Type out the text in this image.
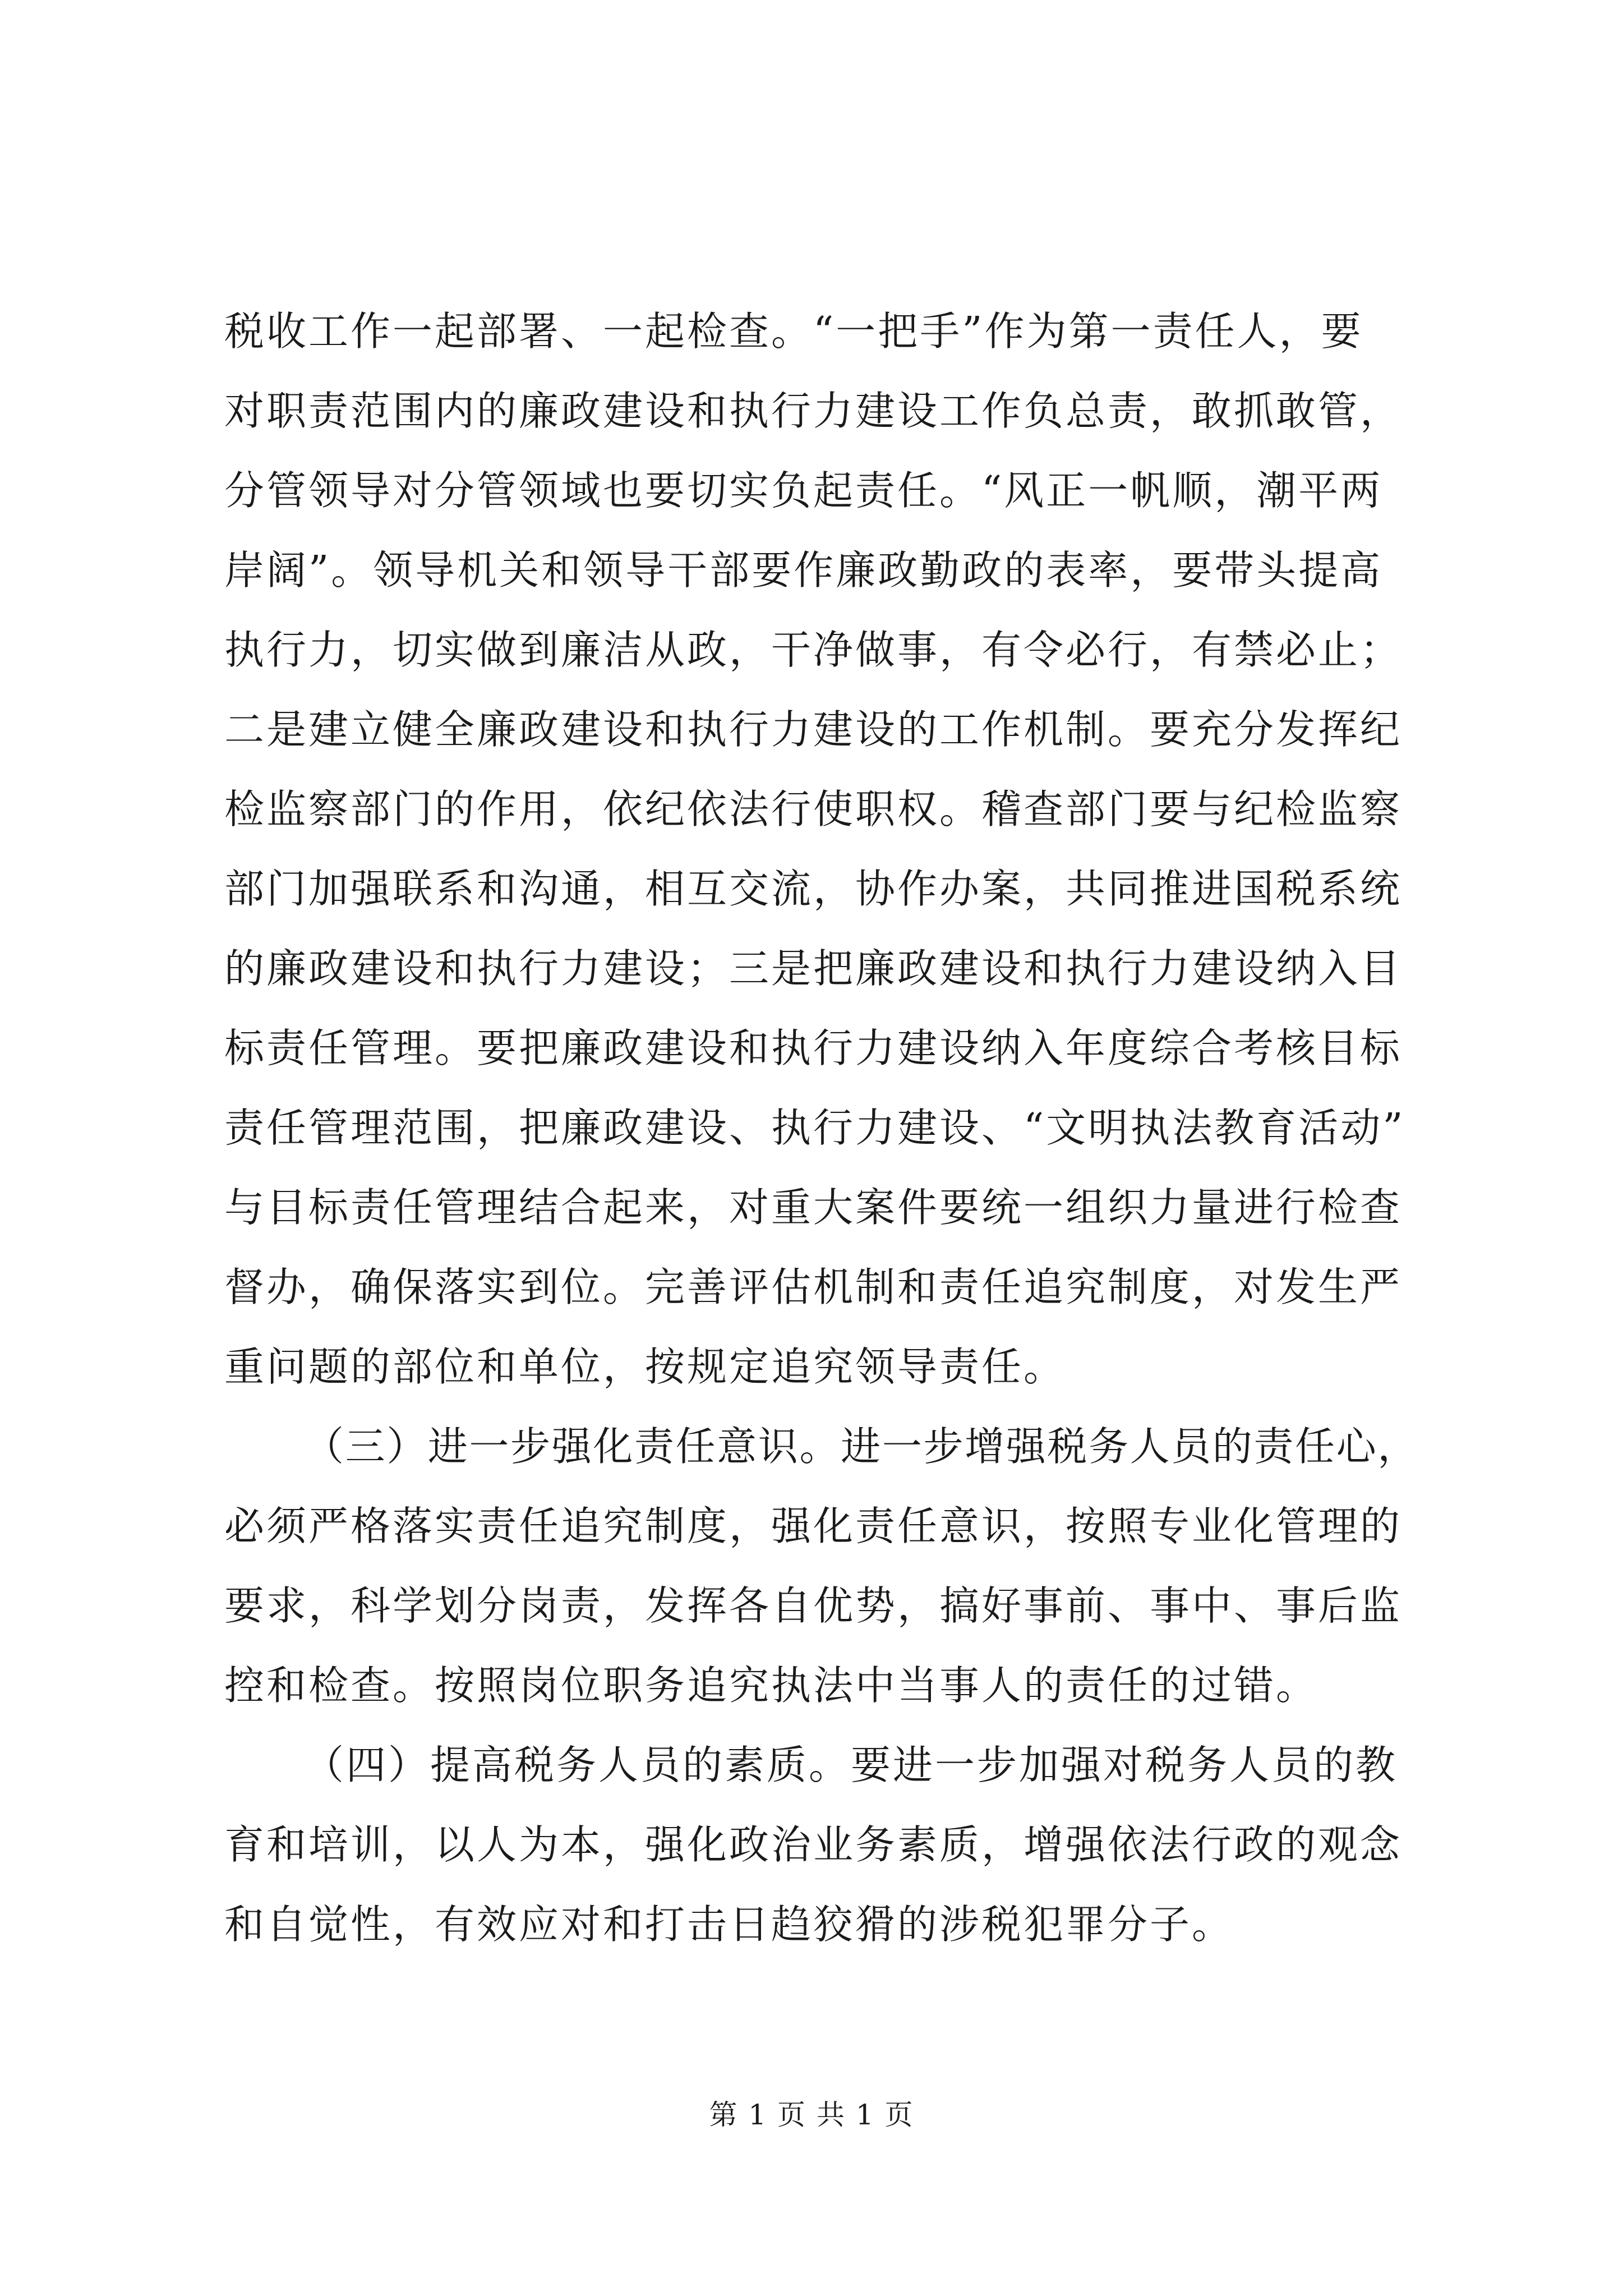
税收工作一起部署、一起检查。“一把手”作为第一责任人，要
对职责范围内的廉政建设和执行力建设工作负总责，敢抓敢管，
分管领导对分管领域也要切实负起责任。“风正一帆顺，潮平两
岸阔”。领导机关和领导干部要作廉政勤政的表率，要带头提高
执行力，切实做到廉洁从政，干净做事，有令必行，有禁必止；
二是建立健全廉政建设和执行力建设的工作机制。要充分发挥纪
检监察部门的作用，依纪依法行使职权。稽查部门要与纪检监察
部门加强联系和沟通，相互交流，协作办案，共同推进国税系统
的廉政建设和执行力建设；三是把廉政建设和执行力建设纳入目
标责任管理。要把廉政建设和执行力建设纳入年度综合考核目标
责任管理范围，把廉政建设、执行力建设、“文明执法教育活动”
与目标责任管理结合起来，对重大案件要统一组织力量进行检查
督办，确保落实到位。完善评估机制和责任追究制度，对发生严
重问题的部位和单位，按规定追究领导责任。
（三）进一步强化责任意识。进一步增强税务人员的责任心，
必须严格落实责任追究制度，强化责任意识，按照专业化管理的
要求，科学划分岗责，发挥各自优势，搞好事前、事中、事后监
控和检查。按照岗位职务追究执法中当事人的责任的过错。
（四）提高税务人员的素质。要进一步加强对税务人员的教
育和培训，以人为本，强化政治业务素质，增强依法行政的观念
和自觉性，有效应对和打击日趋狡猾的涉税犯罪分子。
第 1 页 共 1 页
